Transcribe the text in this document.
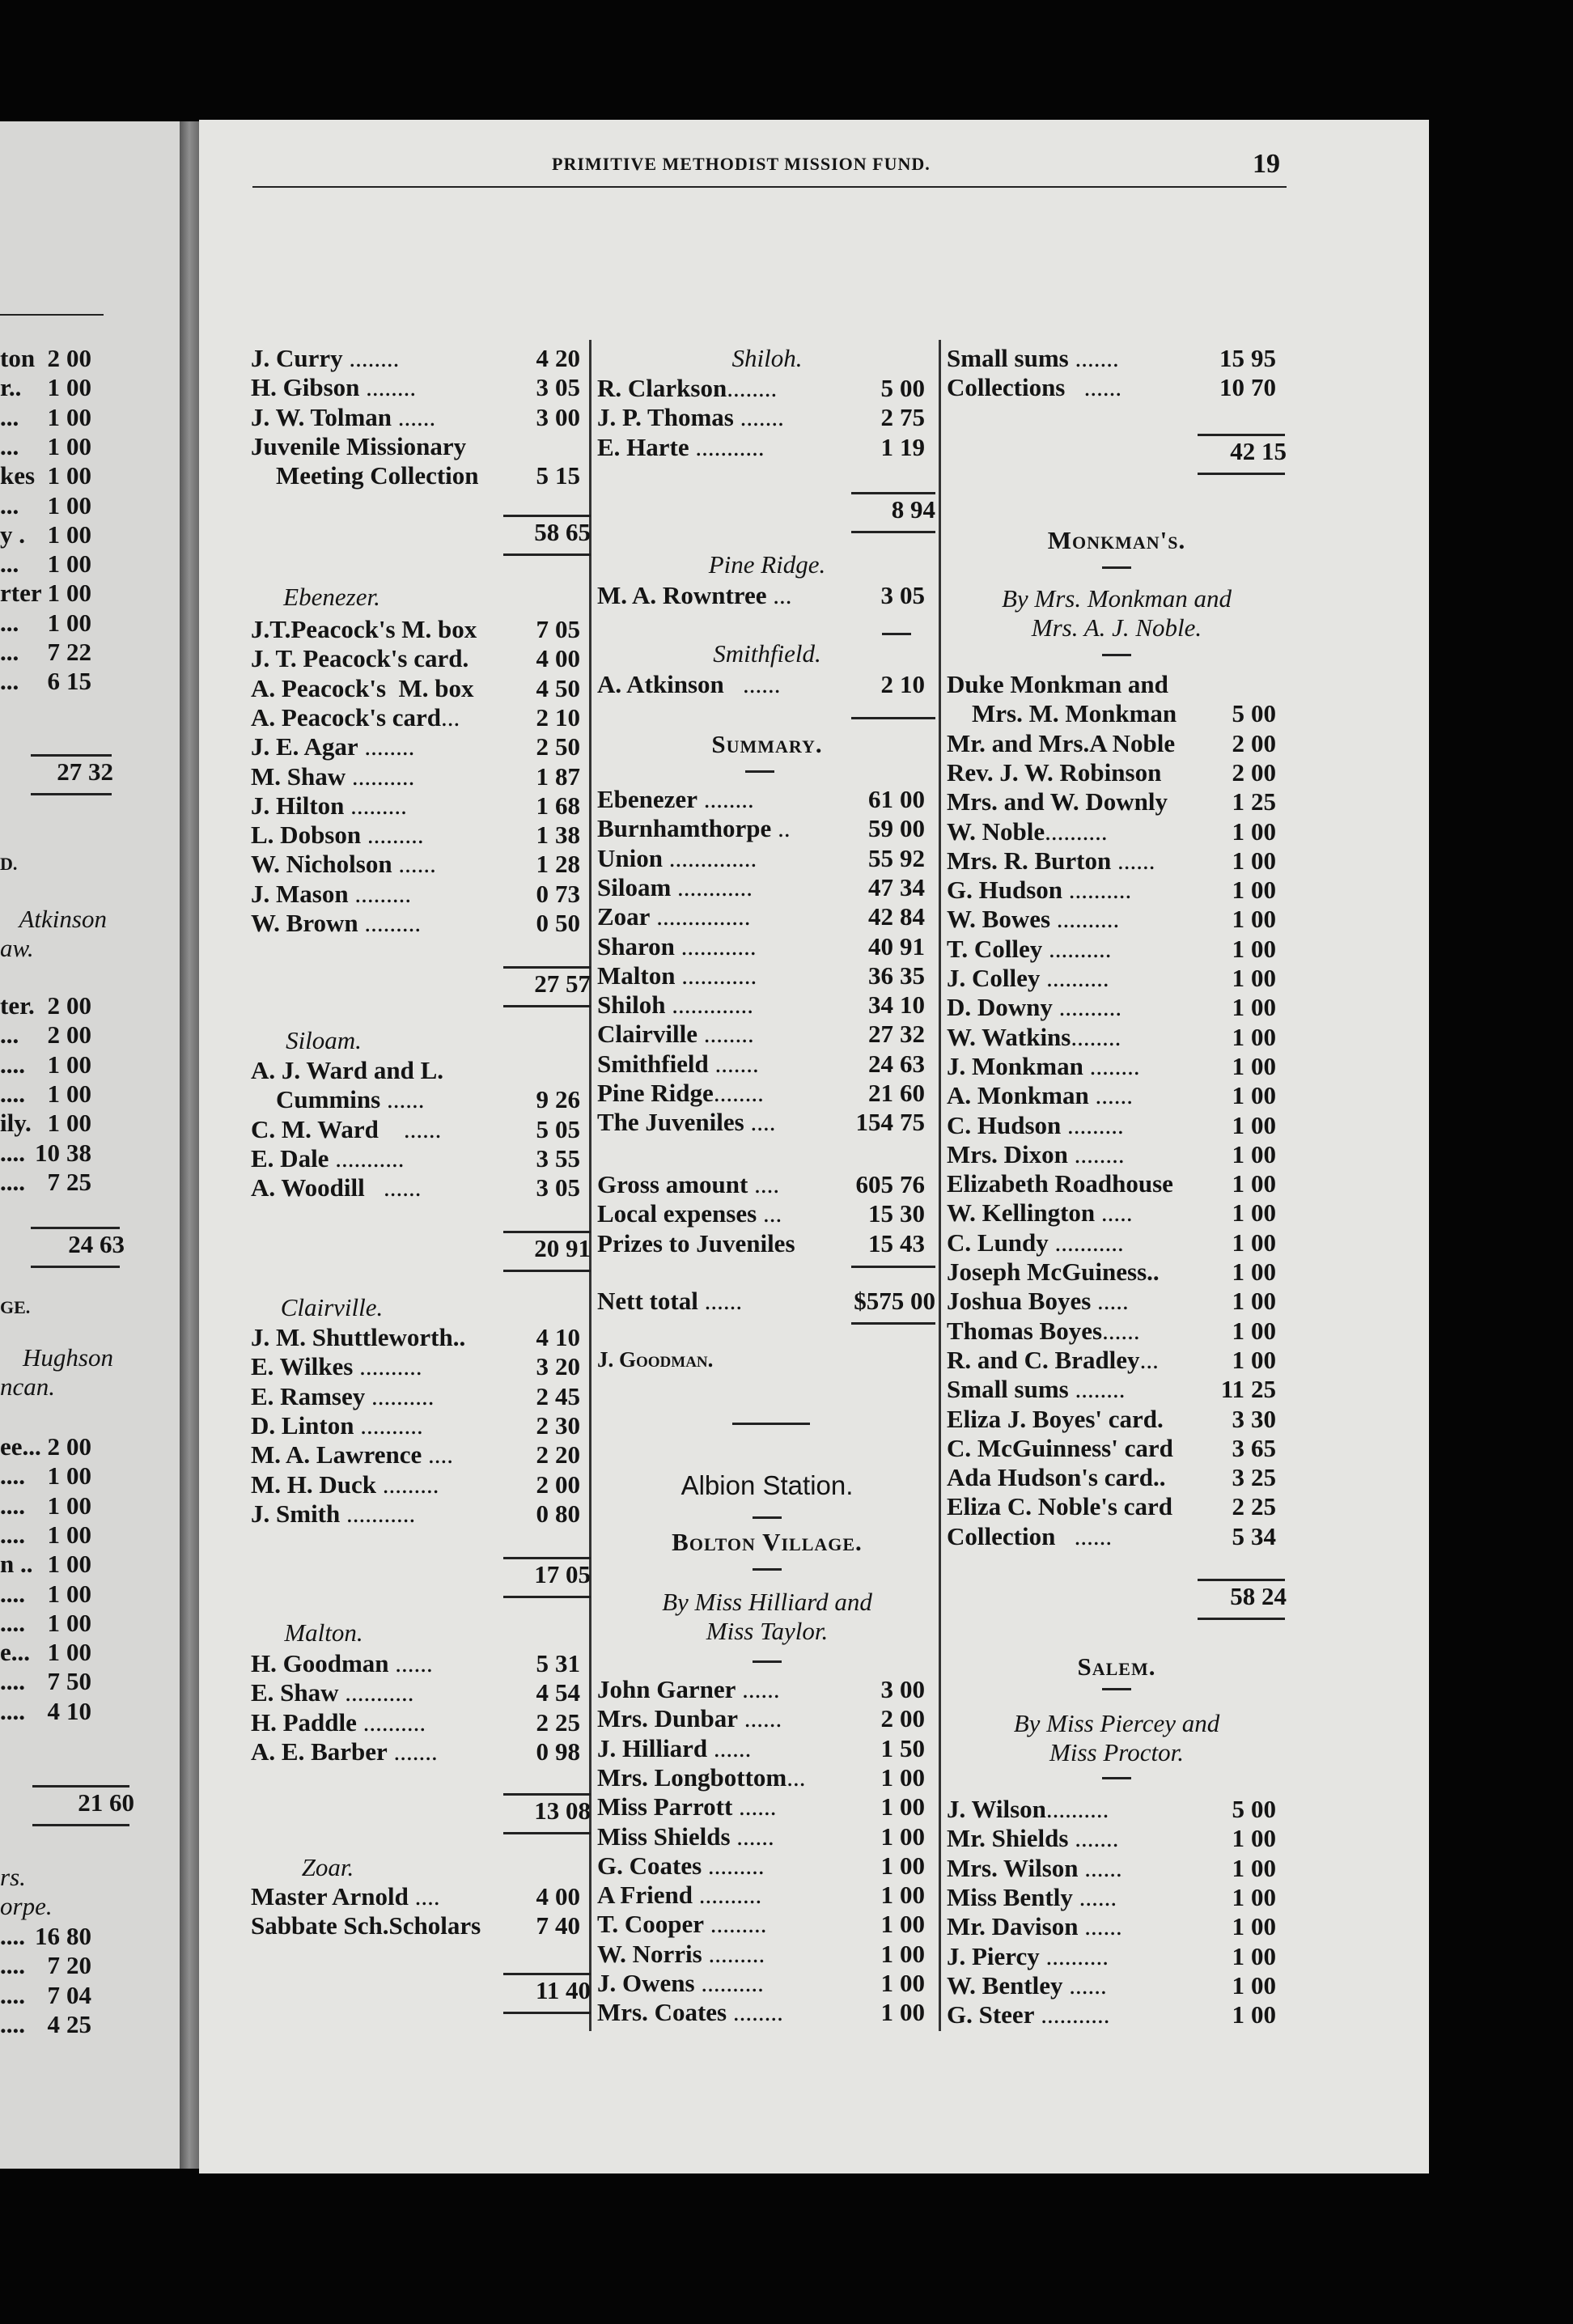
PRIMITIVE METHODIST MISSION FUND.	19
ton 2 00
r.. 1 00
... 1 00
... 1 00
kes 1 00
... 1 00
y . 1 00
... 1 00
rter 1 00
... 1 00
... 7 22
... 6 15
27 32
D.
Atkinson
aw.
ter. 2 00
... 2 00
.... 1 00
.... 1 00
ily. 1 00
.... 10 38
.... 7 25
24 63
GE.
Hughson
ncan.
ee... 2 00
.... 1 00
.... 1 00
.... 1 00
n .. 1 00
.... 1 00
.... 1 00
e... 1 00
.... 7 50
.... 4 10
21 60
rs.
orpe.
.... 16 80
.... 7 20
.... 7 04
.... 4 25
J. Curry ........	4 20
H. Gibson ........	3 05
J. W. Tolman ......	3 00
Juvenile Missionary
Meeting Collection 5 15
58 65
Ebenezer.
J.T.Peacock's M. box 7 05
J. T. Peacock's card.	4 00
A. Peacock's  M. box 4 50
A. Peacock's card...	2 10
J. E. Agar ........	2 50
M. Shaw ..........	1 87
J. Hilton .........	1 68
L. Dobson .........	1 38
W. Nicholson ......	1 28
J. Mason .........	0 73
W. Brown .........	0 50
27 57
Siloam.
A. J. Ward and L.
Cummins ......	9 26
C. M. Ward    ......	5 05
E. Dale ...........	3 55
A. Woodill   ......	3 05
20 91
Clairville.
J. M. Shuttleworth..	4 10
E. Wilkes ..........	3 20
E. Ramsey ..........	2 45
D. Linton ..........	2 30
M. A. Lawrence ....	2 20
M. H. Duck .........	2 00
J. Smith ...........	0 80
17 05
Malton.
H. Goodman ......	5 31
E. Shaw ...........	4 54
H. Paddle ..........	2 25
A. E. Barber .......	0 98
13 08
Zoar.
Master Arnold ....	4 00
Sabbate Sch.Scholars 7 40
11 40
Shiloh.
R. Clarkson........	5 00
J. P. Thomas .......	2 75
E. Harte ...........	1 19
8 94
Pine Ridge.
M. A. Rowntree ...	3 05
Smithfield.
A. Atkinson   ......	2 10
Summary.
Ebenezer ........	61 00
Burnhamthorpe ..	59 00
Union ..............	55 92
Siloam ............	47 34
Zoar ...............	42 84
Sharon ............	40 91
Malton ............	36 35
Shiloh .............	34 10
Clairville ........	27 32
Smithfield .......	24 63
Pine Ridge........	21 60
The Juveniles ....	154 75
Gross amount ....	605 76
Local expenses ...	15 30
Prizes to Juveniles	15 43
Nett total ......	$575 00
J. Goodman.
Albion Station.
Bolton Village.
By Miss Hilliard and
Miss Taylor.
John Garner ......	3 00
Mrs. Dunbar ......	2 00
J. Hilliard ......	1 50
Mrs. Longbottom...	1 00
Miss Parrott ......	1 00
Miss Shields ......	1 00
G. Coates .........	1 00
A Friend ..........	1 00
T. Cooper .........	1 00
W. Norris .........	1 00
J. Owens ..........	1 00
Mrs. Coates ........	1 00
Small sums .......	15 95
Collections   ......	10 70
42 15
Monkman's.
By Mrs. Monkman and
Mrs. A. J. Noble.
Duke Monkman and
Mrs. M. Monkman 5 00
Mr. and Mrs.A Noble 2 00
Rev. J. W. Robinson	2 00
Mrs. and W. Downly	1 25
W. Noble..........	1 00
Mrs. R. Burton ......	1 00
G. Hudson ..........	1 00
W. Bowes ..........	1 00
T. Colley ..........	1 00
J. Colley ..........	1 00
D. Downy ..........	1 00
W. Watkins........	1 00
J. Monkman ........	1 00
A. Monkman ......	1 00
C. Hudson .........	1 00
Mrs. Dixon ........	1 00
Elizabeth Roadhouse 1 00
W. Kellington .....	1 00
C. Lundy ...........	1 00
Joseph McGuiness..	1 00
Joshua Boyes .....	1 00
Thomas Boyes......	1 00
R. and C. Bradley...	1 00
Small sums ........	11 25
Eliza J. Boyes' card.	3 30
C. McGuinness' card 3 65
Ada Hudson's card..	3 25
Eliza C. Noble's card 2 25
Collection   ......	5 34
58 24
Salem.
By Miss Piercey and
Miss Proctor.
J. Wilson..........	5 00
Mr. Shields .......	1 00
Mrs. Wilson ......	1 00
Miss Bently ......	1 00
Mr. Davison ......	1 00
J. Piercy ..........	1 00
W. Bentley ......	1 00
G. Steer ...........	1 00
